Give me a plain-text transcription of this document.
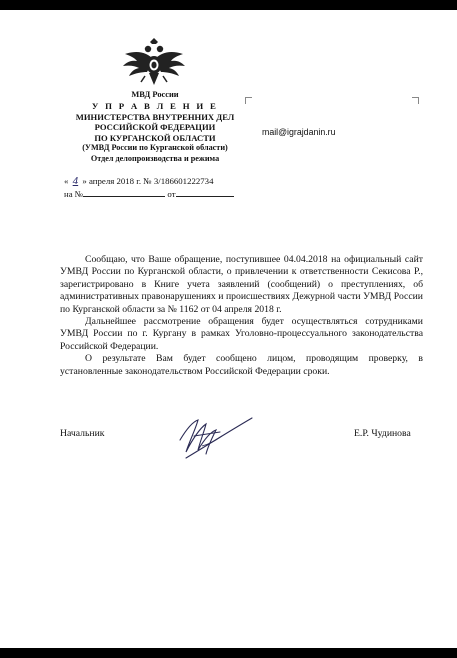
МВД России
У П Р А В Л Е Н И Е
МИНИСТЕРСТВА ВНУТРЕННИХ ДЕЛ
РОССИЙСКОЙ ФЕДЕРАЦИИ
ПО КУРГАНСКОЙ ОБЛАСТИ
(УМВД России по Курганской области)
Отдел делопроизводства и режима
« 4 » апреля 2018 г. № 3/186601222734
на №	от
mail@igrajdanin.ru

Сообщаю, что Ваше обращение, поступившее 04.04.2018 на официальный сайт УМВД России по Курганской области, о привлечении к ответственности Секисова Р., зарегистрировано в Книге учета заявлений (сообщений) о преступлениях, об административных правонарушениях и происшествиях Дежурной части УМВД России по Курганской области за № 1162 от 04 апреля 2018 г.

Дальнейшее рассмотрение обращения будет осуществляться сотрудниками УМВД России по г. Кургану в рамках Уголовно-процессуального законодательства Российской Федерации.

О результате Вам будет сообщено лицом, проводящим проверку, в установленные законодательством Российской Федерации сроки.

Начальник	Е.Р. Чудинова
